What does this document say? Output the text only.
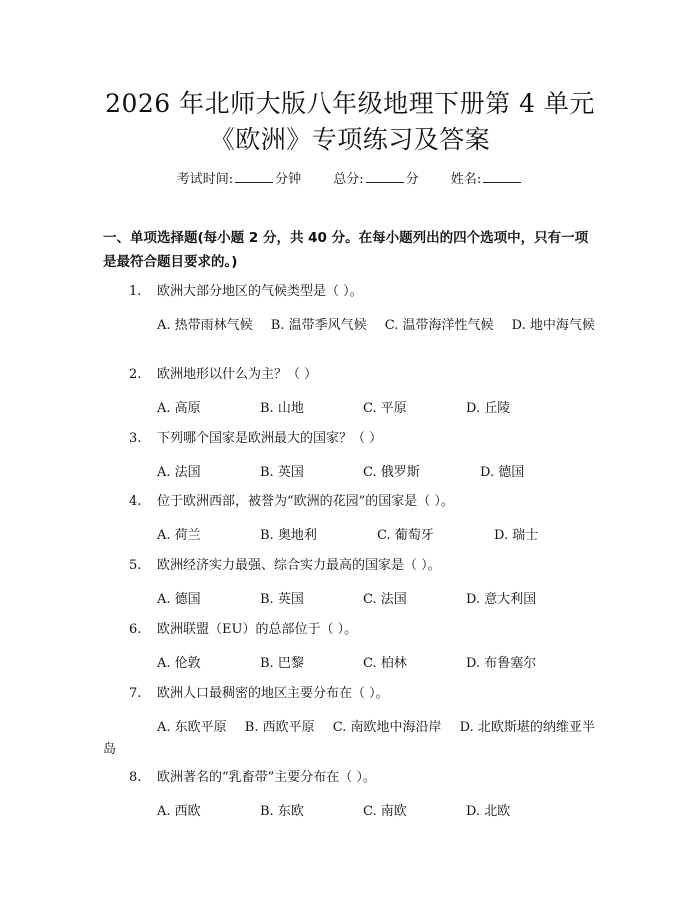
2026 年北师大版八年级地理下册第 4 单元
《欧洲》专项练习及答案
考试时间:	分钟 总分:	分 姓名:
一、单项选择题(每小题 2 分，共 40 分。在每小题列出的四个选项中，只有一项
是最符合题目要求的。)
1. 欧洲大部分地区的气候类型是（ ）。
A. 热带雨林气候 B. 温带季风气候 C. 温带海洋性气候 D. 地中海气候
2. 欧洲地形以什么为主？（ ）
A. 高原	B. 山地	C. 平原	D. 丘陵
3. 下列哪个国家是欧洲最大的国家？（ ）
A. 法国	B. 英国	C. 俄罗斯	D. 德国
4. 位于欧洲西部，被誉为“欧洲的花园”的国家是（ ）。
A. 荷兰	B. 奥地利	C. 葡萄牙	D. 瑞士
5. 欧洲经济实力最强、综合实力最高的国家是（ ）。
A. 德国	B. 英国	C. 法国	D. 意大利国
6. 欧洲联盟（EU）的总部位于（ ）。
A. 伦敦	B. 巴黎	C. 柏林	D. 布鲁塞尔
7. 欧洲人口最稠密的地区主要分布在（ ）。
A. 东欧平原 B. 西欧平原 C. 南欧地中海沿岸 D. 北欧斯堪的纳维亚半岛
8. 欧洲著名的“乳畜带”主要分布在（ ）。
A. 西欧	B. 东欧	C. 南欧	D. 北欧
